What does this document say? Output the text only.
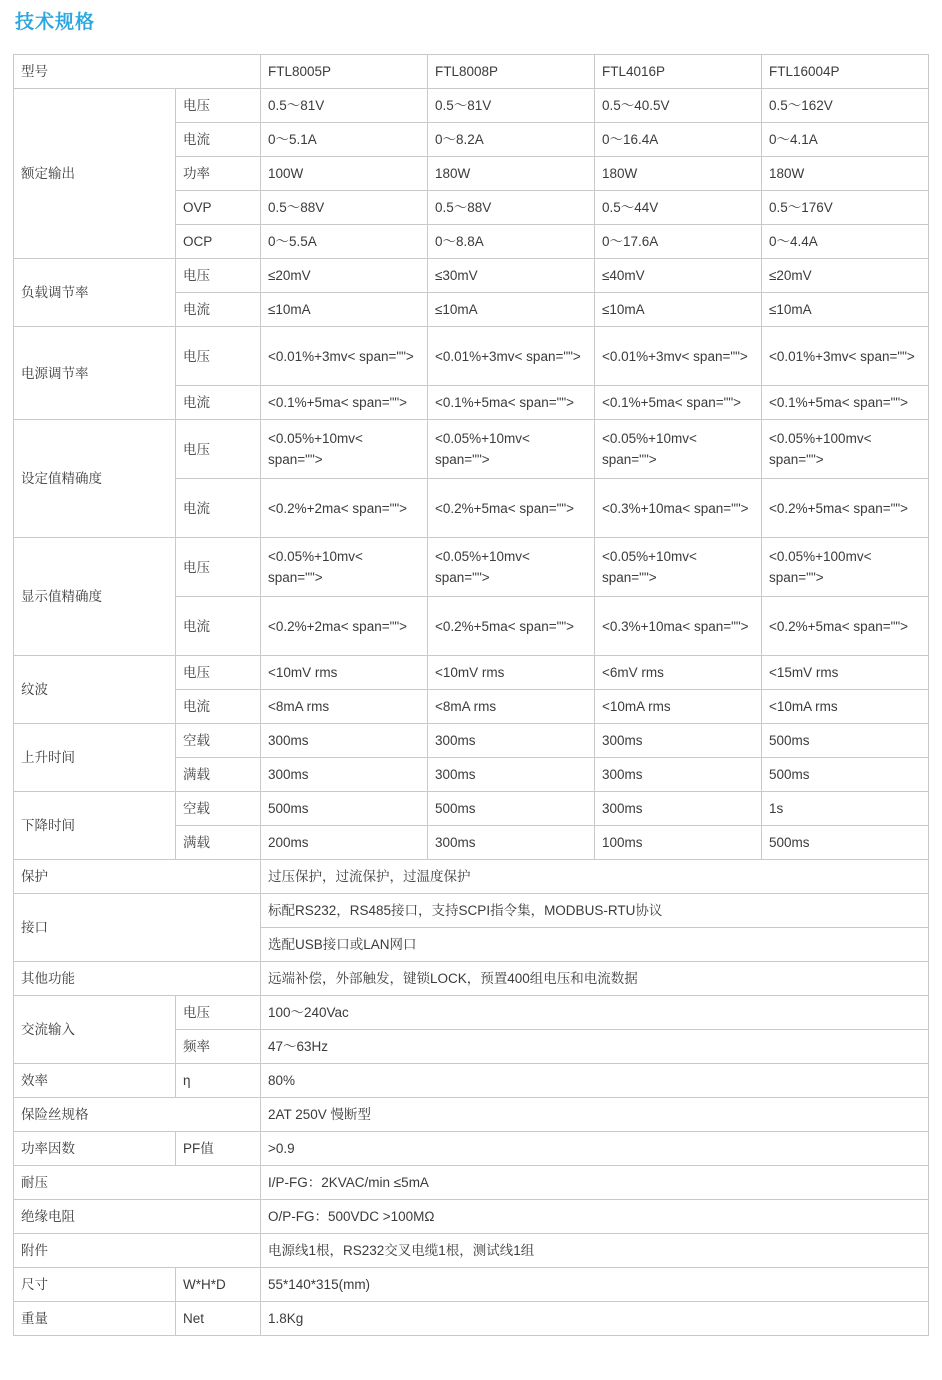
技术规格
型号		FTL8005P	FTL8008P	FTL4016P	FTL16004P
额定输出	电压	0.5～81V	0.5～81V	0.5～40.5V	0.5～162V
	电流	0～5.1A	0～8.2A	0～16.4A	0～4.1A
	功率	100W	180W	180W	180W
	OVP	0.5～88V	0.5～88V	0.5～44V	0.5～176V
	OCP	0～5.5A	0～8.8A	0～17.6A	0～4.4A
负载调节率	电压	≤20mV	≤30mV	≤40mV	≤20mV
	电流	≤10mA	≤10mA	≤10mA	≤10mA
电源调节率	电压	<0.01%+3mv< span="">	<0.01%+3mv< span="">	<0.01%+3mv< span="">	<0.01%+3mv< span="">
	电流	<0.1%+5ma< span="">	<0.1%+5ma< span="">	<0.1%+5ma< span="">	<0.1%+5ma< span="">
设定值精确度	电压	<0.05%+10mv< span="">	<0.05%+10mv< span="">	<0.05%+10mv< span="">	<0.05%+100mv< span="">
	电流	<0.2%+2ma< span="">	<0.2%+5ma< span="">	<0.3%+10ma< span="">	<0.2%+5ma< span="">
显示值精确度	电压	<0.05%+10mv< span="">	<0.05%+10mv< span="">	<0.05%+10mv< span="">	<0.05%+100mv< span="">
	电流	<0.2%+2ma< span="">	<0.2%+5ma< span="">	<0.3%+10ma< span="">	<0.2%+5ma< span="">
纹波	电压	<10mV rms	<10mV rms	<6mV rms	<15mV rms
	电流	<8mA rms	<8mA rms	<10mA rms	<10mA rms
上升时间	空载	300ms	300ms	300ms	500ms
	满载	300ms	300ms	300ms	500ms
下降时间	空载	500ms	500ms	300ms	1s
	满载	200ms	300ms	100ms	500ms
保护		过压保护，过流保护，过温度保护			
接口		标配RS232，RS485接口，支持SCPI指令集，MODBUS-RTU协议			
		选配USB接口或LAN网口			
其他功能		远端补偿，外部触发，键锁LOCK，预置400组电压和电流数据			
交流输入	电压	100～240Vac			
	频率	47～63Hz			
效率	η	80%			
保险丝规格		2AT 250V 慢断型			
功率因数	PF值	>0.9			
耐压		I/P-FG：2KVAC/min ≤5mA			
绝缘电阻		O/P-FG：500VDC >100MΩ			
附件		电源线1根，RS232交叉电缆1根，测试线1组			
尺寸	W*H*D	55*140*315(mm)			
重量	Net	1.8Kg			
